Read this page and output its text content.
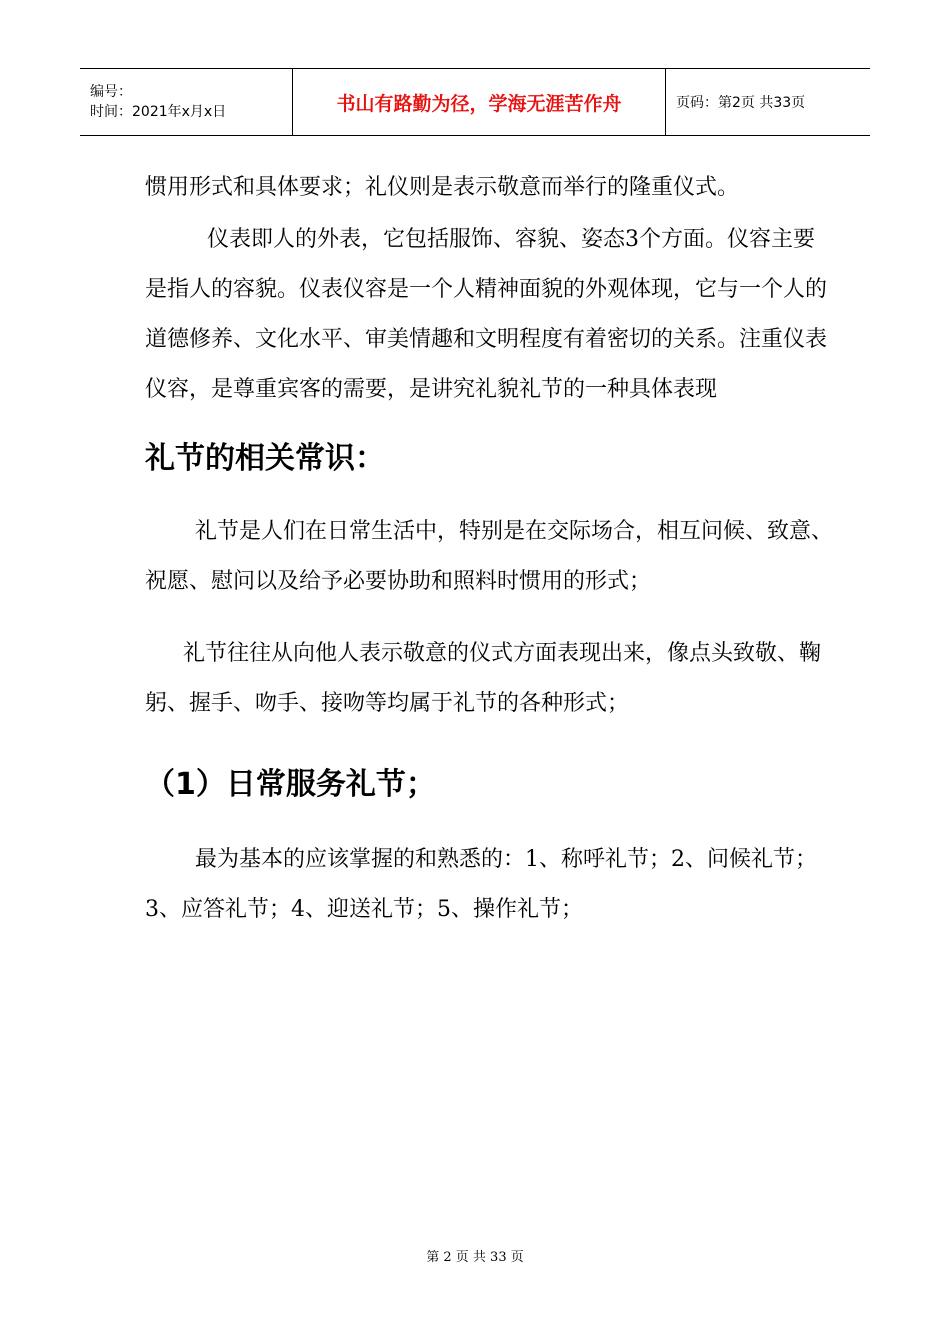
编号：
时间：2021年x月x日	书山有路勤为径，学海无涯苦作舟	页码：第2页 共33页

惯用形式和具体要求；礼仪则是表示敬意而举行的隆重仪式。

仪表即人的外表，它包括服饰、容貌、姿态3个方面。仪容主要是指人的容貌。仪表仪容是一个人精神面貌的外观体现，它与一个人的道德修养、文化水平、审美情趣和文明程度有着密切的关系。注重仪表仪容，是尊重宾客的需要，是讲究礼貌礼节的一种具体表现

礼节的相关常识：

礼节是人们在日常生活中，特别是在交际场合，相互问候、致意、祝愿、慰问以及给予必要协助和照料时惯用的形式；

礼节往往从向他人表示敬意的仪式方面表现出来，像点头致敬、鞠躬、握手、吻手、接吻等均属于礼节的各种形式；

（1）日常服务礼节；

最为基本的应该掌握的和熟悉的：1、称呼礼节；2、问候礼节；3、应答礼节；4、迎送礼节；5、操作礼节；

第 2 页 共 33 页
